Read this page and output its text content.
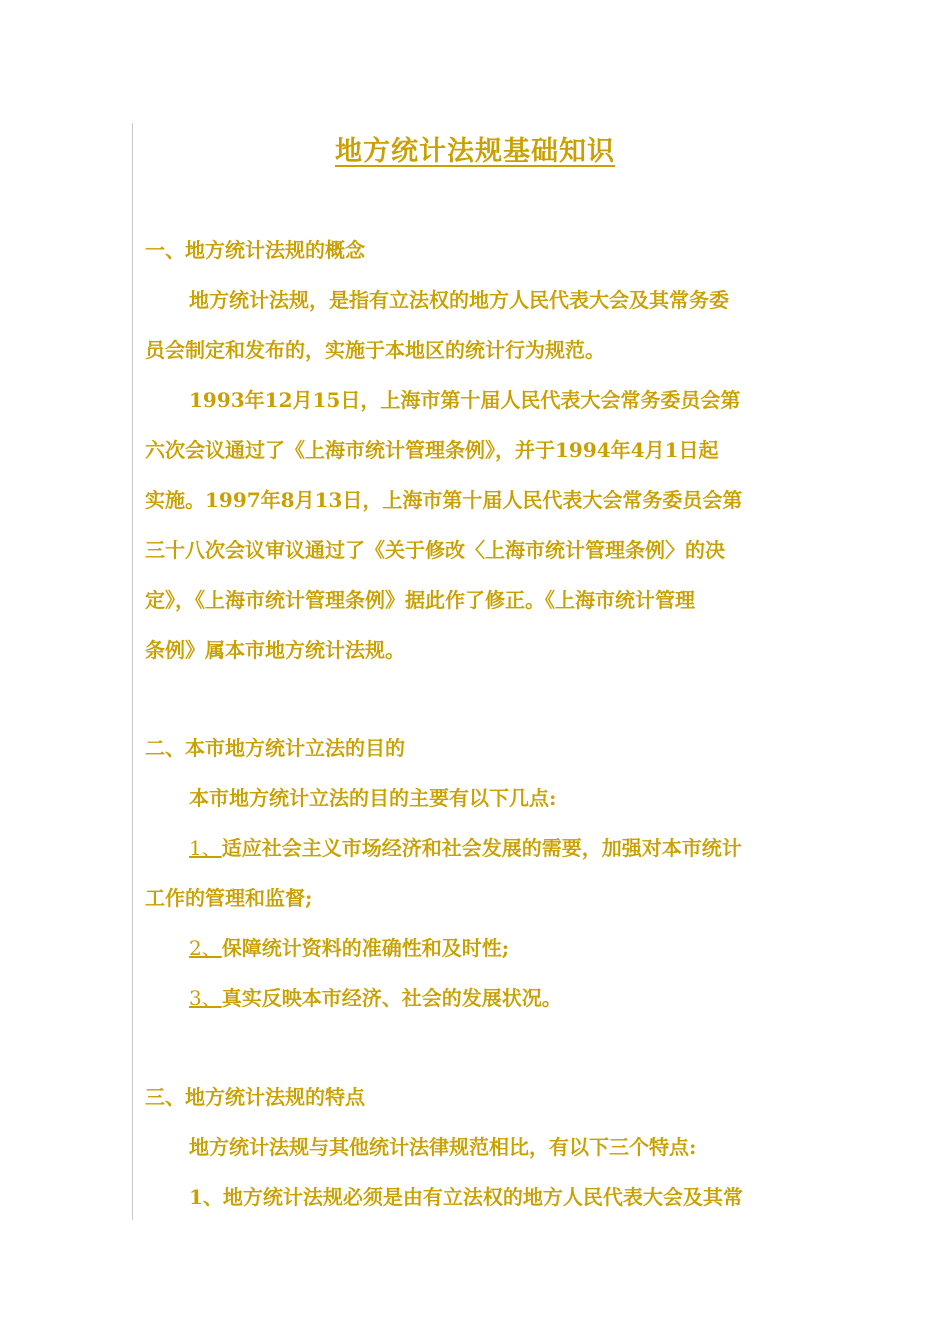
地方统计法规基础知识
一、地方统计法规的概念
地方统计法规，是指有立法权的地方人民代表大会及其常务委
员会制定和发布的，实施于本地区的统计行为规范。
1993年12月15日，上海市第十届人民代表大会常务委员会第
六次会议通过了《上海市统计管理条例》，并于1994年4月1日起
实施。1997年8月13日，上海市第十届人民代表大会常务委员会第
三十八次会议审议通过了《关于修改〈上海市统计管理条例〉的决
定》，《上海市统计管理条例》据此作了修正。《上海市统计管理
条例》属本市地方统计法规。
二、本市地方统计立法的目的
本市地方统计立法的目的主要有以下几点:
1、适应社会主义市场经济和社会发展的需要，加强对本市统计
工作的管理和监督;
2、保障统计资料的准确性和及时性;
3、真实反映本市经济、社会的发展状况。
三、地方统计法规的特点
地方统计法规与其他统计法律规范相比，有以下三个特点:
1、地方统计法规必须是由有立法权的地方人民代表大会及其常
